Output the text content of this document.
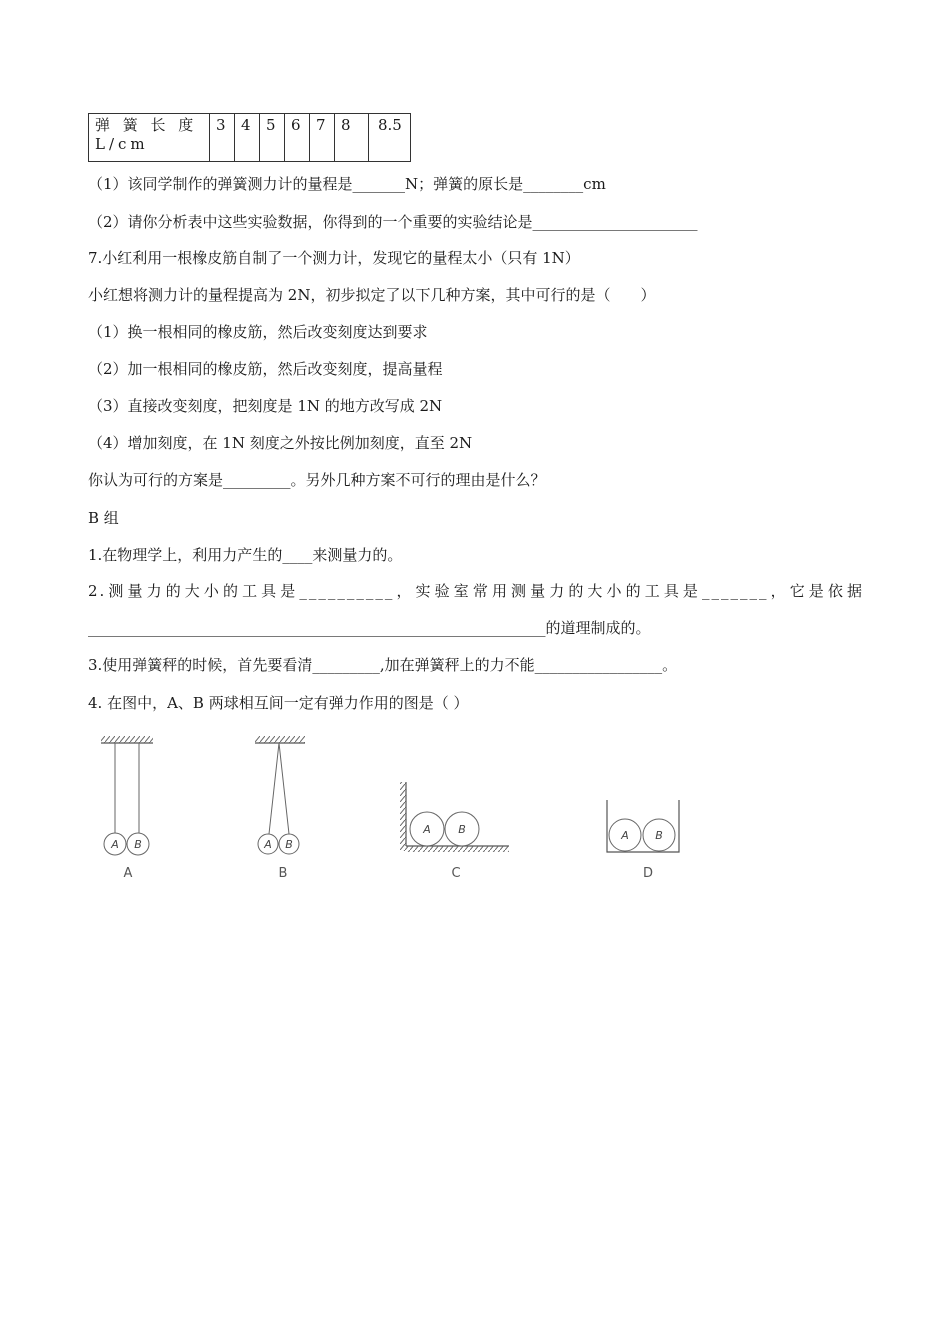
弹 簧 长 度 L/cm	3	4	5	6	7	8	8.5
（1）该同学制作的弹簧测力计的量程是_______N；弹簧的原长是________cm
（2）请你分析表中这些实验数据，你得到的一个重要的实验结论是______________________
7.小红利用一根橡皮筋自制了一个测力计，发现它的量程太小（只有 1N）
小红想将测力计的量程提高为 2N，初步拟定了以下几种方案，其中可行的是（　　）
（1）换一根相同的橡皮筋，然后改变刻度达到要求
（2）加一根相同的橡皮筋，然后改变刻度，提高量程
（3）直接改变刻度，把刻度是 1N 的地方改写成 2N
（4）增加刻度，在 1N 刻度之外按比例加刻度，直至 2N
你认为可行的方案是_________。另外几种方案不可行的理由是什么？
B 组
1.在物理学上，利用力产生的____来测量力的。
2.测量力的大小的工具是__________，实验室常用测量力的大小的工具是_______，它是依据
_____________________________________________________________的道理制成的。
3.使用弹簧秤的时候，首先要看清_________,加在弹簧秤上的力不能_________________。
4. 在图中，A、B 两球相互间一定有弹力作用的图是（ ）
A B
A
A B
B
A B
C
A B
D
